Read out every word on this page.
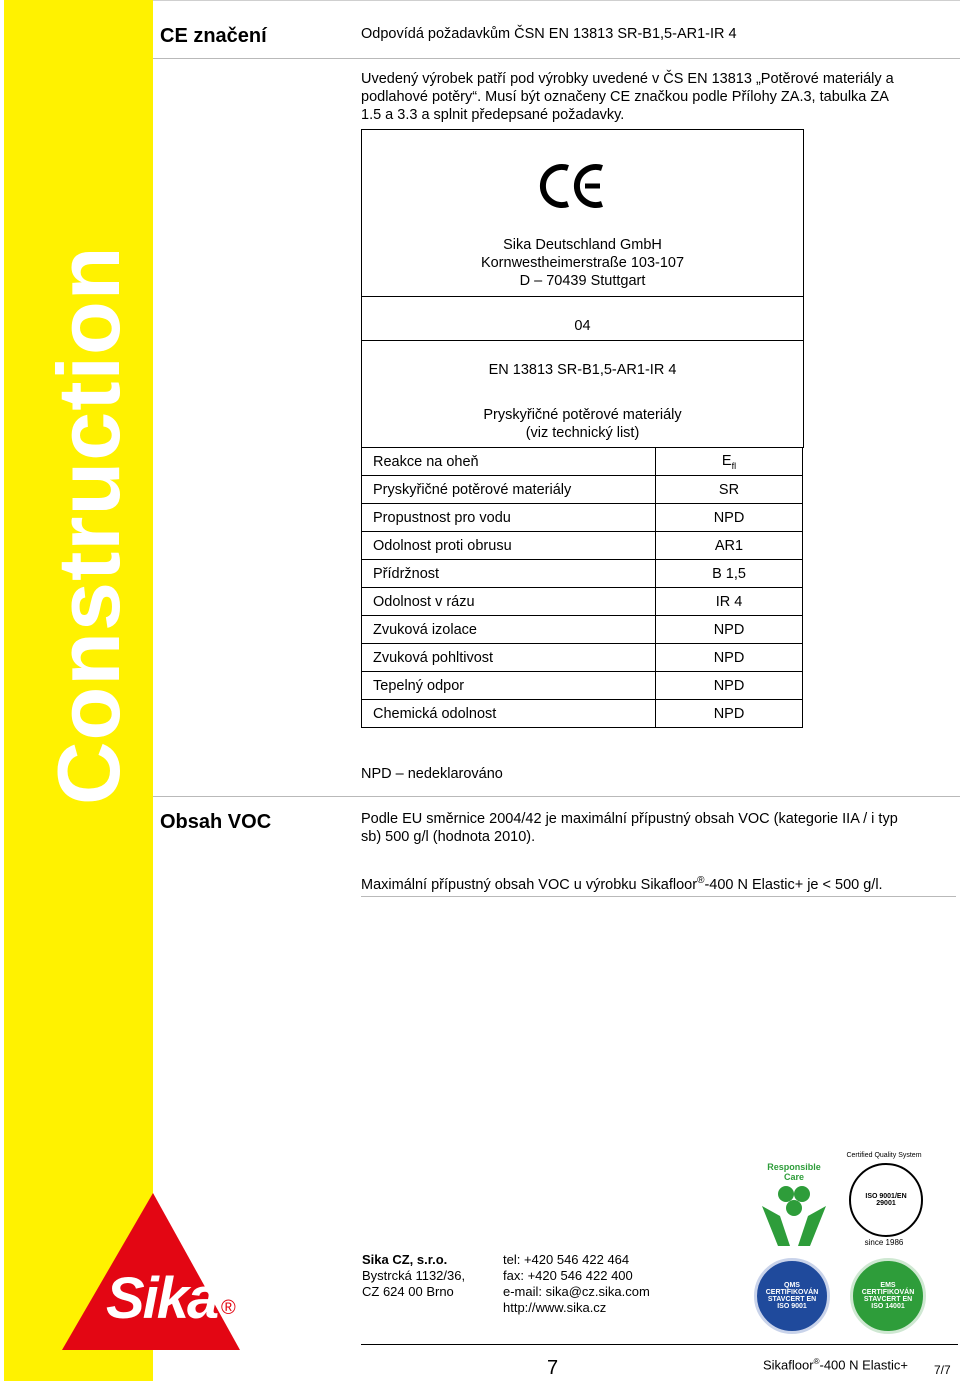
Construction
CE značení	Odpovídá požadavkům ČSN EN 13813 SR-B1,5-AR1-IR 4
Uvedený výrobek patří pod výrobky uvedené v ČS EN 13813 „Potěrové materiály a
podlahové potěry“. Musí být označeny CE značkou podle Přílohy ZA.3, tabulka ZA
1.5 a 3.3 a splnit předepsané požadavky.
Sika Deutschland GmbH
Kornwestheimerstraße 103-107
D – 70439 Stuttgart
04
EN 13813 SR-B1,5-AR1-IR 4
Pryskyřičné potěrové materiály
(viz technický list)
Reakce na oheň	$E_{fl}$
Pryskyřičné potěrové materiály	SR
Propustnost pro vodu	NPD
Odolnost proti obrusu	AR1
Přídržnost	B 1,5
Odolnost v rázu	IR 4
Zvuková izolace	NPD
Zvuková pohltivost	NPD
Tepelný odpor	NPD
Chemická odolnost	NPD
NPD – nedeklarováno
Obsah VOC	Podle EU směrnice 2004/42 je maximální přípustný obsah VOC (kategorie IIA / i typ
sb) 500 g/l (hodnota 2010).
Maximální přípustný obsah VOC u výrobku Sikafloor®-400 N Elastic+ je < 500 g/l.
Sika ®
Sika CZ, s.r.o.
Bystrcká 1132/36,
CZ 624 00 Brno
tel: +420 546 422 464
fax: +420 546 422 400
e-mail: sika@cz.sika.com
http://www.sika.cz
Responsible Care
ISO 9001/EN 29001
Certified Quality System
since 1986
QMS CERTIFIKOVÁN STAVCERT EN ISO 9001
EMS CERTIFIKOVÁN STAVCERT EN ISO 14001
7	Sikafloor®-400 N Elastic+ 7/7
